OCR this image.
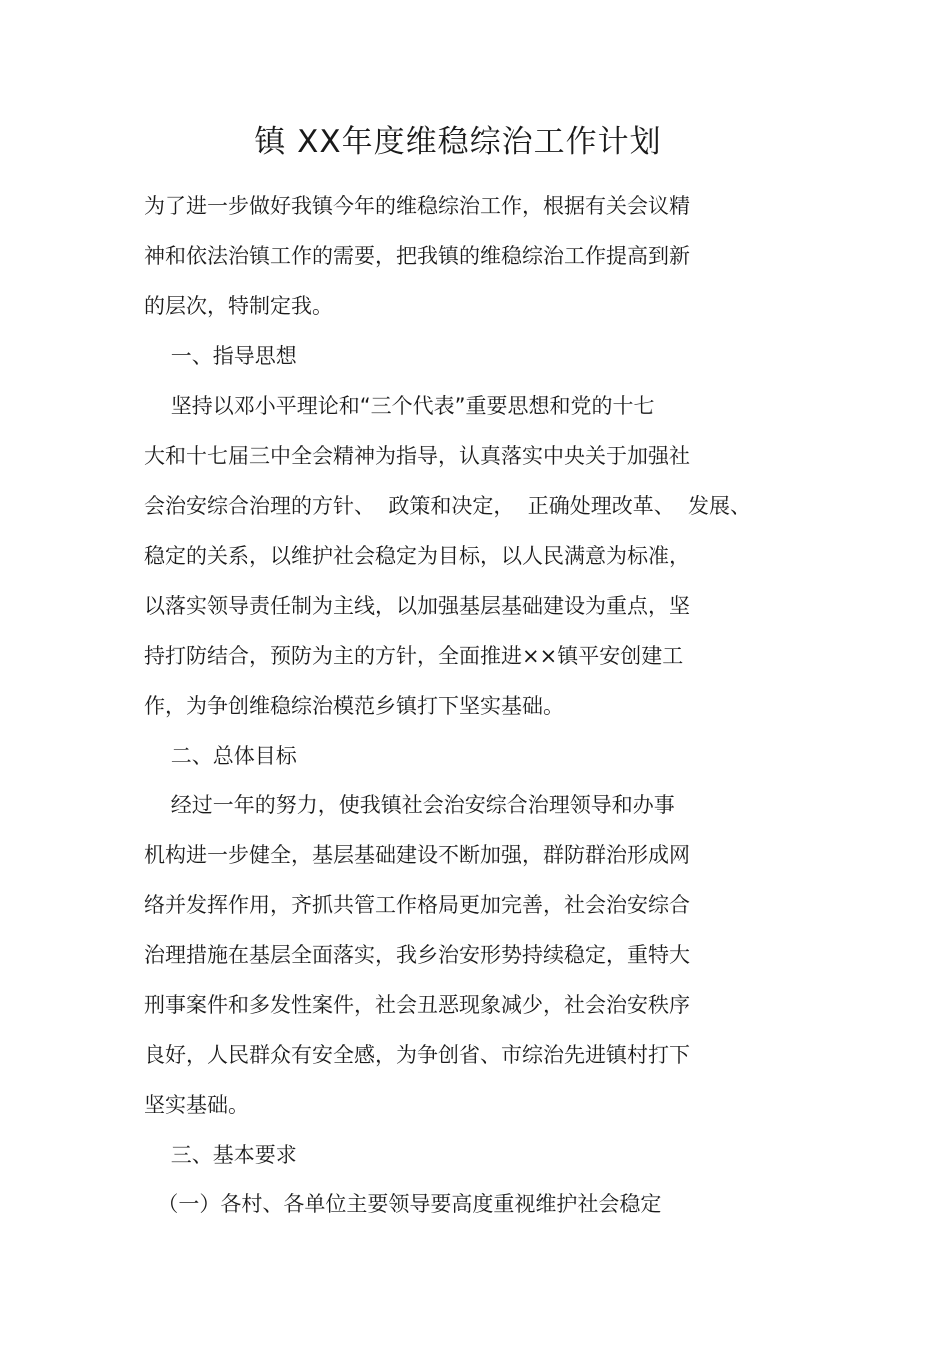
镇 XX年度维稳综治工作计划
为了进一步做好我镇今年的维稳综治工作，根据有关会议精
神和依法治镇工作的需要，把我镇的维稳综治工作提高到新
的层次，特制定我。
一、指导思想
坚持以邓小平理论和“三个代表”重要思想和党的十七
大和十七届三中全会精神为指导，认真落实中央关于加强社
会治安综合治理的方针、  政策和决定，  正确处理改革、  发展、
稳定的关系，以维护社会稳定为目标，以人民满意为标准，
以落实领导责任制为主线，以加强基层基础建设为重点，坚
持打防结合，预防为主的方针，全面推进××镇平安创建工
作，为争创维稳综治模范乡镇打下坚实基础。
二、总体目标
经过一年的努力，使我镇社会治安综合治理领导和办事
机构进一步健全，基层基础建设不断加强，群防群治形成网
络并发挥作用，齐抓共管工作格局更加完善，社会治安综合
治理措施在基层全面落实，我乡治安形势持续稳定，重特大
刑事案件和多发性案件，社会丑恶现象减少，社会治安秩序
良好，人民群众有安全感，为争创省、市综治先进镇村打下
坚实基础。
三、基本要求
（一）各村、各单位主要领导要高度重视维护社会稳定
